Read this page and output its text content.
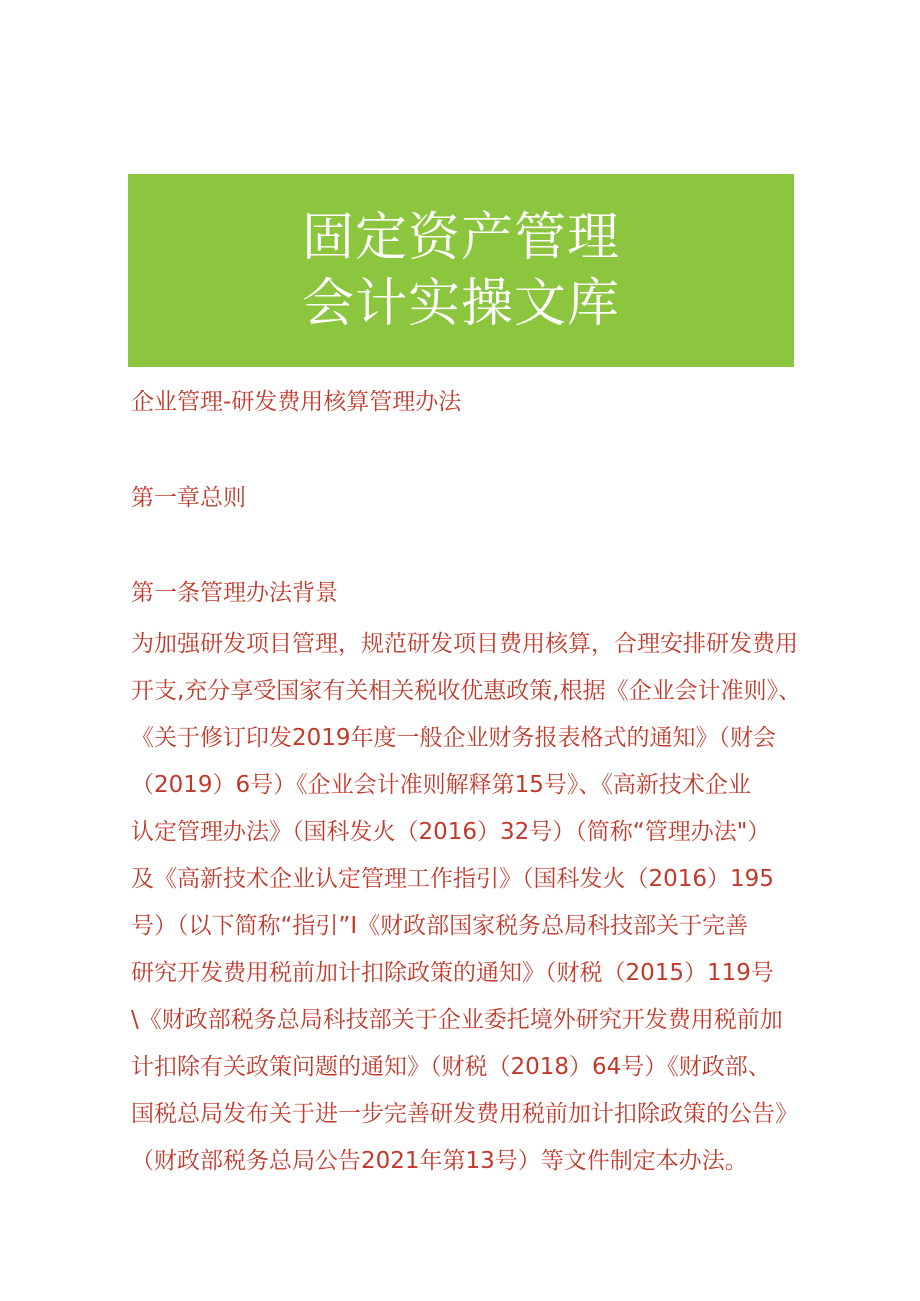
固定资产管理
会计实操文库
企业管理-研发费用核算管理办法
第一章总则
第一条管理办法背景
为加强研发项目管理，规范研发项目费用核算，合理安排研发费用
开支,充分享受国家有关相关税收优惠政策,根据《企业会计准则》、
《关于修订印发2019年度一般企业财务报表格式的通知》（财会
（2019）6号）《企业会计准则解释第15号》、《高新技术企业
认定管理办法》（国科发火（2016）32号）（简称“管理办法"）
及《高新技术企业认定管理工作指引》（国科发火（2016）195
号）（以下简称“指引”I《财政部国家税务总局科技部关于完善
研究开发费用税前加计扣除政策的通知》（财税（2015）119号
\《财政部税务总局科技部关于企业委托境外研究开发费用税前加
计扣除有关政策问题的通知》（财税（2018）64号）《财政部、
国税总局发布关于进一步完善研发费用税前加计扣除政策的公告》
（财政部税务总局公告2021年第13号）等文件制定本办法。
